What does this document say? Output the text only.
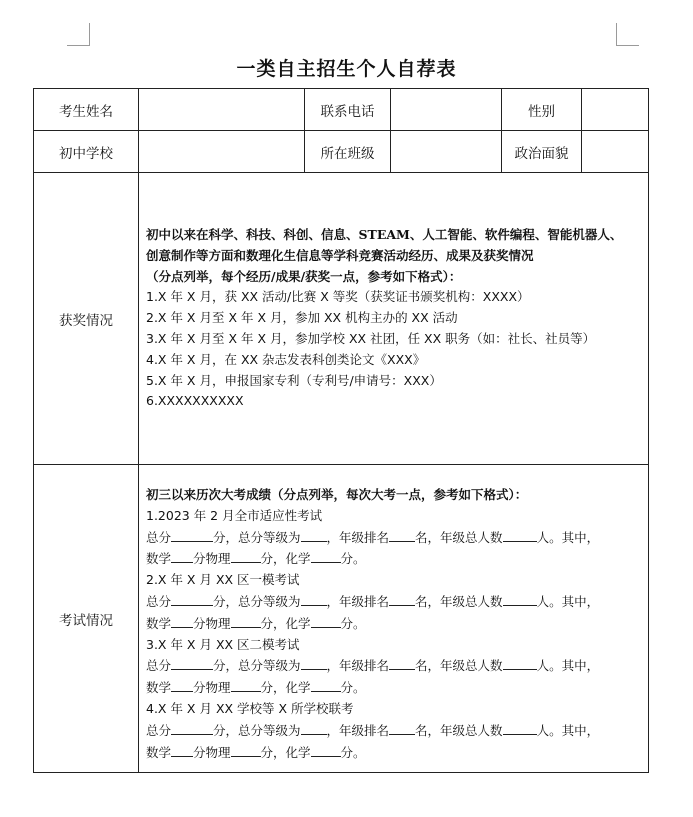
一类自主招生个人自荐表
考生姓名	联系电话	性别
初中学校	所在班级	政治面貌
获奖情况
初中以来在科学、科技、科创、信息、STEAM、人工智能、软件编程、智能机器人、
创意制作等方面和数理化生信息等学科竞赛活动经历、成果及获奖情况
（分点列举，每个经历/成果/获奖一点，参考如下格式）：
1.X 年 X 月，获 XX 活动/比赛 X 等奖（获奖证书颁奖机构：XXXX）
2.X 年 X 月至 X 年 X 月，参加 XX 机构主办的 XX 活动
3.X 年 X 月至 X 年 X 月，参加学校 XX 社团，任 XX 职务（如：社长、社员等）
4.X 年 X 月，在 XX 杂志发表科创类论文《XXX》
5.X 年 X 月，申报国家专利（专利号/申请号：XXX）
6.XXXXXXXXXX
考试情况
初三以来历次大考成绩（分点列举，每次大考一点，参考如下格式）：
1.2023 年 2 月全市适应性考试
总分	分，总分等级为 ，年级排名 名，年级总人数	人。其中，
数学 分物理 分，化学 分。
2.X 年 X 月 XX 区一模考试
总分	分，总分等级为 ，年级排名 名，年级总人数	人。其中，
数学 分物理 分，化学 分。
3.X 年 X 月 XX 区二模考试
总分	分，总分等级为 ，年级排名 名，年级总人数	人。其中，
数学 分物理 分，化学 分。
4.X 年 X 月 XX 学校等 X 所学校联考
总分	分，总分等级为 ，年级排名 名，年级总人数	人。其中，
数学 分物理 分，化学 分。
